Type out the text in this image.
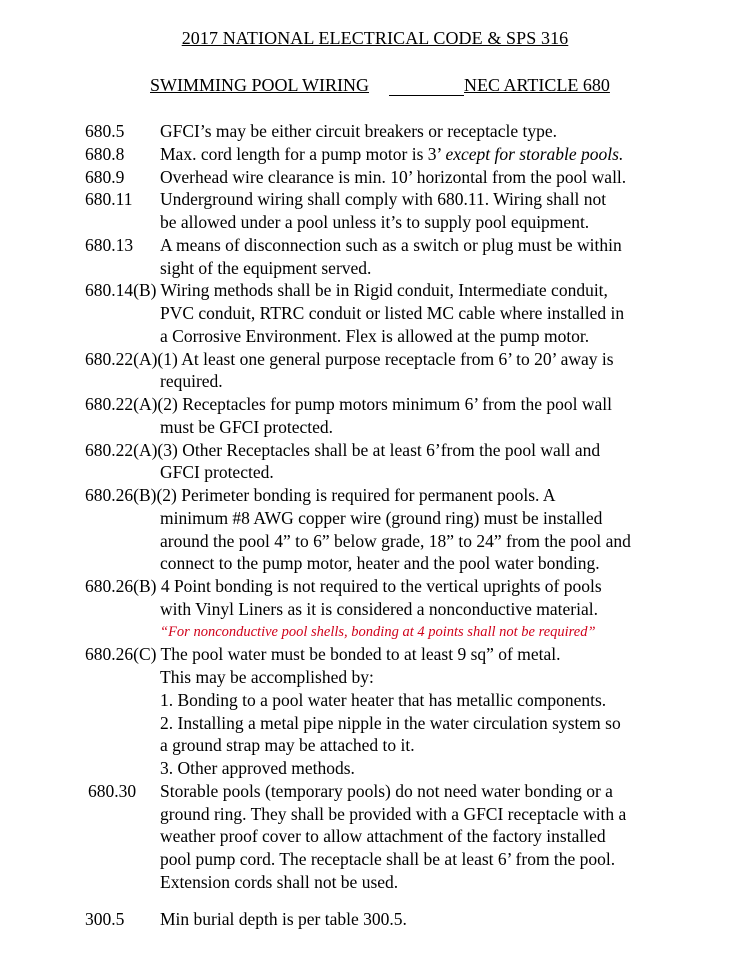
2017 NATIONAL ELECTRICAL CODE & SPS 316
SWIMMING POOL WIRING	NEC ARTICLE 680
680.5 GFCI’s may be either circuit breakers or receptacle type.
680.8 Max. cord length for a pump motor is 3’ except for storable pools.
680.9 Overhead wire clearance is min. 10’ horizontal from the pool wall.
680.11 Underground wiring shall comply with 680.11. Wiring shall not
be allowed under a pool unless it’s to supply pool equipment.
680.13 A means of disconnection such as a switch or plug must be within
sight of the equipment served.
680.14(B) Wiring methods shall be in Rigid conduit, Intermediate conduit,
PVC conduit, RTRC conduit or listed MC cable where installed in
a Corrosive Environment. Flex is allowed at the pump motor.
680.22(A)(1) At least one general purpose receptacle from 6’ to 20’ away is
required.
680.22(A)(2) Receptacles for pump motors minimum 6’ from the pool wall
must be GFCI protected.
680.22(A)(3) Other Receptacles shall be at least 6’from the pool wall and
GFCI protected.
680.26(B)(2) Perimeter bonding is required for permanent pools. A
minimum #8 AWG copper wire (ground ring) must be installed
around the pool 4” to 6” below grade, 18” to 24” from the pool and
connect to the pump motor, heater and the pool water bonding.
680.26(B) 4 Point bonding is not required to the vertical uprights of pools
with Vinyl Liners as it is considered a nonconductive material.
“For nonconductive pool shells, bonding at 4 points shall not be required”
680.26(C) The pool water must be bonded to at least 9 sq” of metal.
This may be accomplished by:
1. Bonding to a pool water heater that has metallic components.
2. Installing a metal pipe nipple in the water circulation system so
a ground strap may be attached to it.
3. Other approved methods.
680.30 Storable pools (temporary pools) do not need water bonding or a
ground ring. They shall be provided with a GFCI receptacle with a
weather proof cover to allow attachment of the factory installed
pool pump cord. The receptacle shall be at least 6’ from the pool.
Extension cords shall not be used.
300.5 Min burial depth is per table 300.5.
